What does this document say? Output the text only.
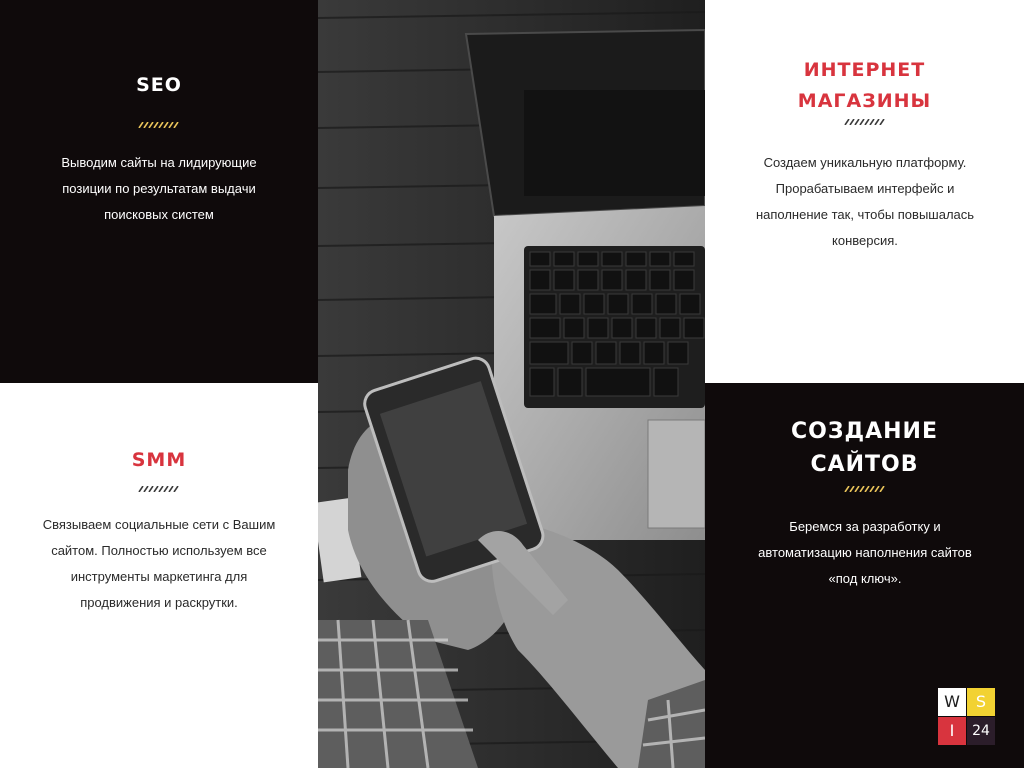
SEO

Выводим сайты на лидирующие позиции по результатам выдачи поисковых систем

SMM

Связываем социальные сети с Вашим сайтом. Полностью используем все инструменты маркетинга для продвижения и раскрутки.

ИНТЕРНЕТ
МАГАЗИНЫ

Создаем уникальную платформу. Прорабатываем интерфейс и наполнение так, чтобы повышалась конверсия.

СОЗДАНИЕ
САЙТОВ

Беремся за разработку и автоматизацию наполнения сайтов «под ключ».

W	S
I	24
